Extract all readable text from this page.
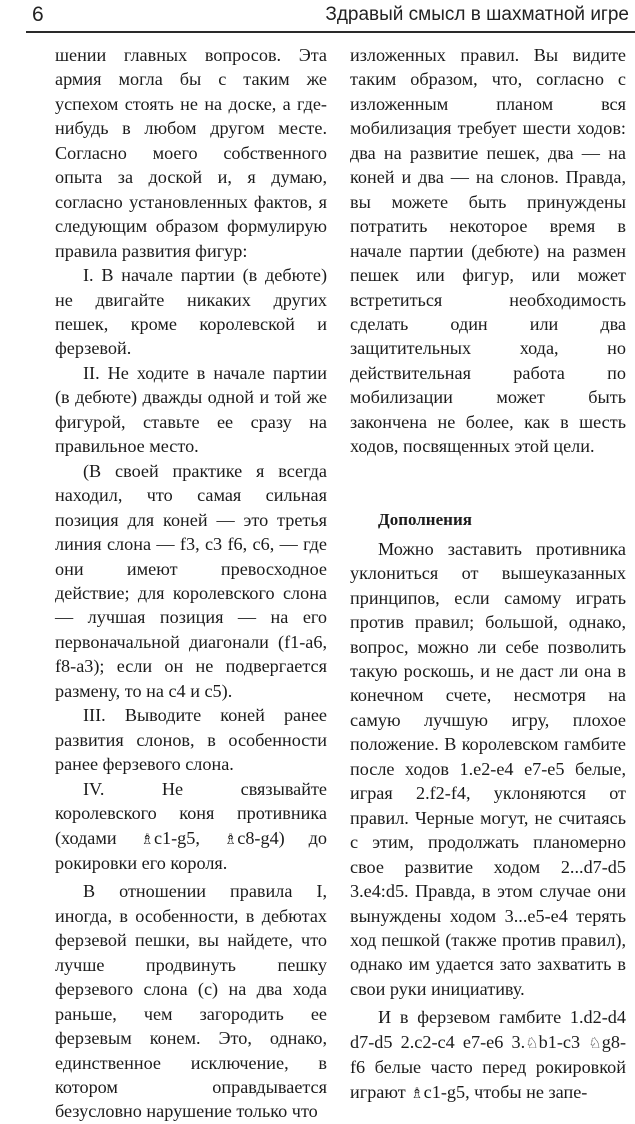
6	Здравый смысл в шахматной игре

шении главных вопросов. Эта армия могла бы с таким же успехом стоять не на доске, а где-нибудь в любом другом месте. Согласно моего собственного опыта за доской и, я думаю, согласно установленных фактов, я следующим образом формулирую правила развития фигур:

I. В начале партии (в дебюте) не двигайте никаких других пешек, кроме королевской и ферзевой.

II. Не ходите в начале партии (в дебюте) дважды одной и той же фигурой, ставьте ее сразу на правильное место.

(В своей практике я всегда находил, что самая сильная позиция для коней — это третья линия слона — f3, c3 f6, c6, — где они имеют превосходное действие; для королевского слона — лучшая позиция — на его первоначальной диагонали (f1-a6, f8-a3); если он не подвергается размену, то на c4 и c5).

III. Выводите коней ранее развития слонов, в особенности ранее ферзевого слона.

IV. Не связывайте королевского коня противника (ходами ♗c1-g5, ♗c8-g4) до рокировки его короля.

В отношении правила I, иногда, в особенности, в дебютах ферзевой пешки, вы найдете, что лучше продвинуть пешку ферзевого слона (с) на два хода раньше, чем загородить ее ферзевым конем. Это, однако, единственное исключение, в котором оправдывается безусловно нарушение только что

изложенных правил. Вы видите таким образом, что, согласно с изложенным планом вся мобилизация требует шести ходов: два на развитие пешек, два — на коней и два — на слонов. Правда, вы можете быть принуждены потратить некоторое время в начале партии (дебюте) на размен пешек или фигур, или может встретиться необходимость сделать один или два защитительных хода, но действительная работа по мобилизации может быть закончена не более, как в шесть ходов, посвященных этой цели.

Дополнения

Можно заставить противника уклониться от вышеуказанных принципов, если самому играть против правил; большой, однако, вопрос, можно ли себе позволить такую роскошь, и не даст ли она в конечном счете, несмотря на самую лучшую игру, плохое положение. В королевском гамбите после ходов 1.e2-e4 e7-e5 белые, играя 2.f2-f4, уклоняются от правил. Черные могут, не считаясь с этим, продолжать планомерно свое развитие ходом 2...d7-d5 3.e4:d5. Правда, в этом случае они вынуждены ходом 3...e5-e4 терять ход пешкой (также против правил), однако им удается зато захватить в свои руки инициативу.

И в ферзевом гамбите 1.d2-d4 d7-d5 2.c2-c4 e7-e6 3.♘b1-c3 ♘g8-f6 белые часто перед рокировкой играют ♗c1-g5, чтобы не запе-
